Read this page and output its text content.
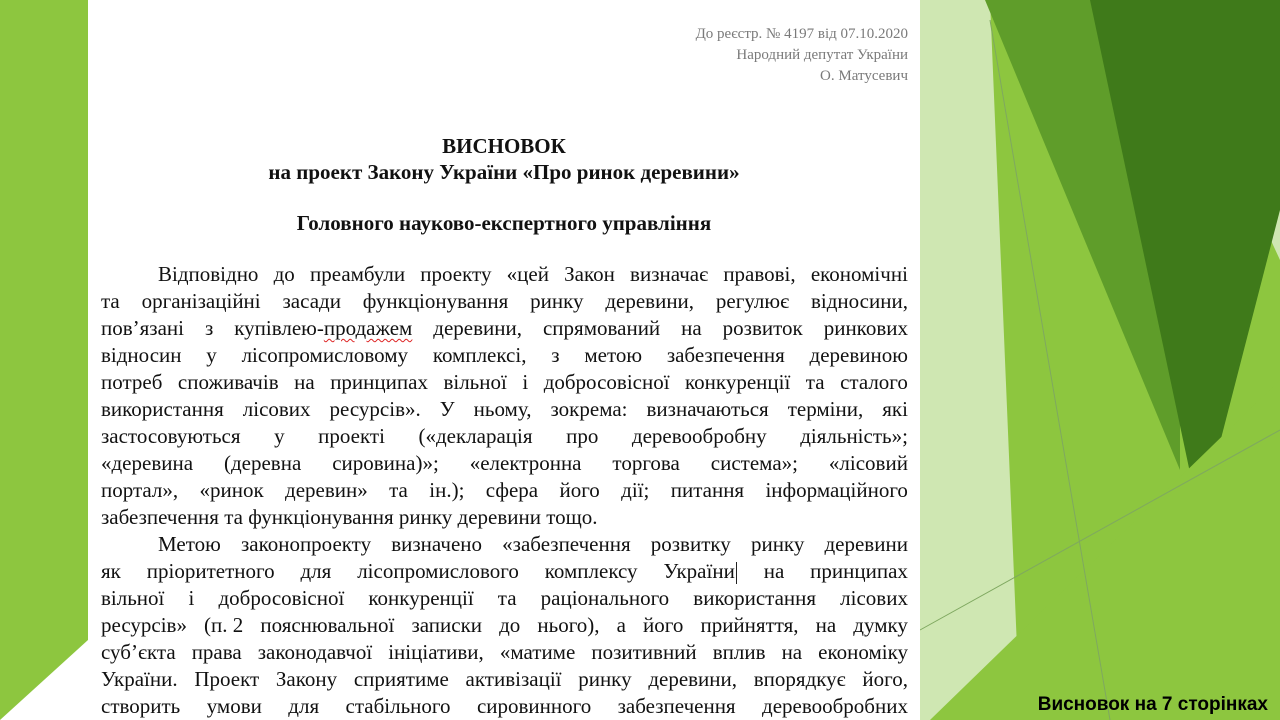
До реєстр. № 4197 від 07.10.2020
Народний депутат України
О. Матусевич
ВИСНОВОК
на проект Закону України «Про ринок деревини»
Головного науково-експертного управління
Відповідно до преамбули проекту «цей Закон визначає правові, економічні
та організаційні засади функціонування ринку деревини, регулює відносини,
пов’язані з купівлею-продажем деревини, спрямований на розвиток ринкових
відносин у лісопромисловому комплексі, з метою забезпечення деревиною
потреб споживачів на принципах вільної і добросовісної конкуренції та сталого
використання лісових ресурсів». У ньому, зокрема: визначаються терміни, які
застосовуються у проекті («декларація про деревообробну діяльність»;
«деревина (деревна сировина)»; «електронна торгова система»; «лісовий
портал», «ринок деревин» та ін.); сфера його дії; питання інформаційного
забезпечення та функціонування ринку деревини тощо.
Метою законопроекту визначено «забезпечення розвитку ринку деревини
як пріоритетного для лісопромислового комплексу України на принципах
вільної і добросовісної конкуренції та раціонального використання лісових
ресурсів» (п. 2 пояснювальної записки до нього), а його прийняття, на думку
суб’єкта права законодавчої ініціативи, «матиме позитивний вплив на економіку
України. Проект Закону сприятиме активізації ринку деревини, впорядкує його,
створить умови для стабільного сировинного забезпечення деревообробних	Висновок на 7 сторінках
